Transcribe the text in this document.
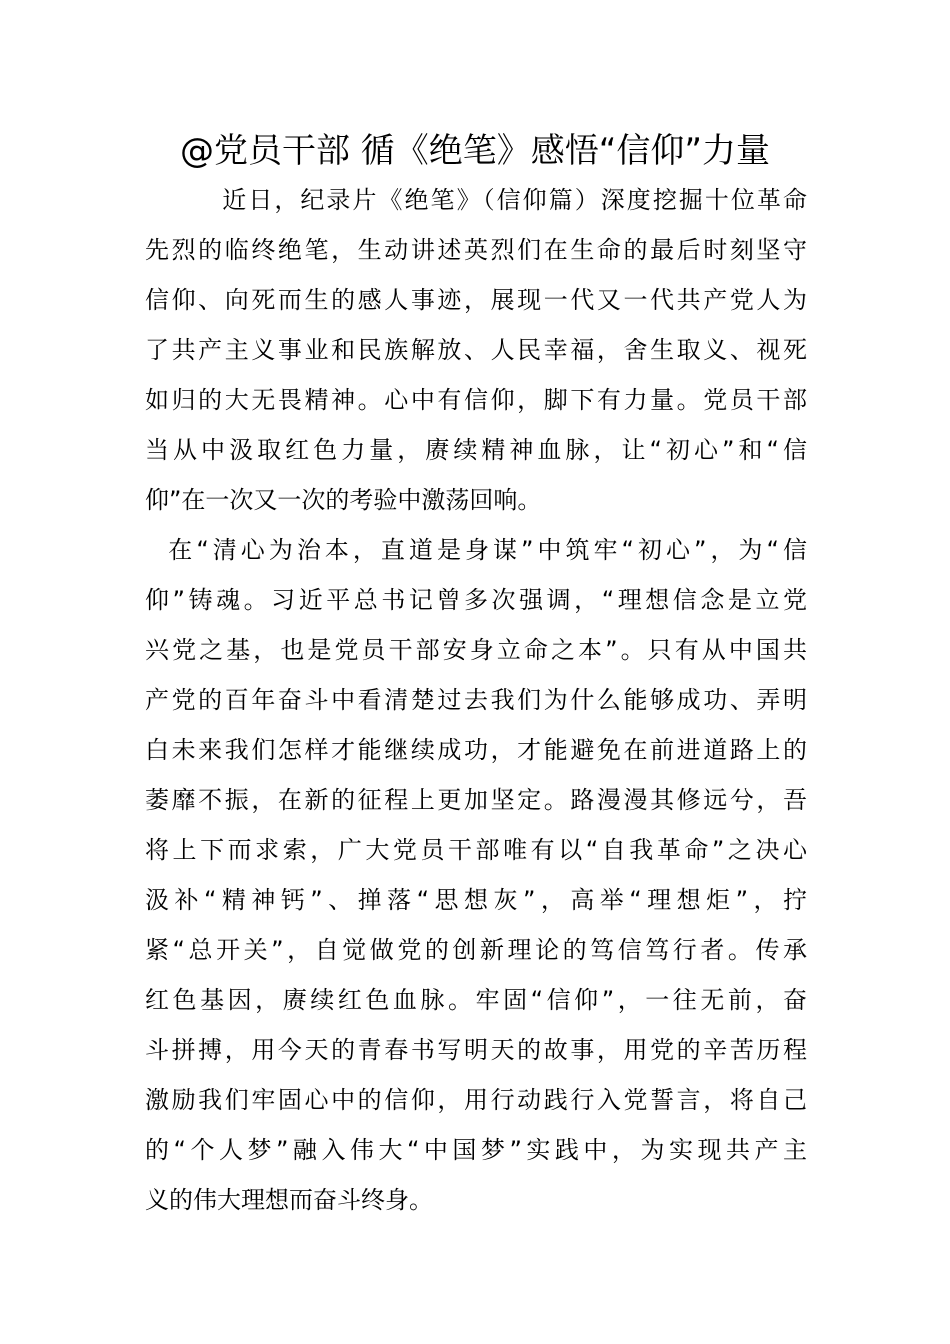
@党员干部 循《绝笔》感悟“信仰”力量
近日，纪录片《绝笔》（信仰篇）深度挖掘十位革命
先烈的临终绝笔，生动讲述英烈们在生命的最后时刻坚守
信仰、向死而生的感人事迹，展现一代又一代共产党人为
了共产主义事业和民族解放、人民幸福，舍生取义、视死
如归的大无畏精神。心中有信仰，脚下有力量。党员干部
当从中汲取红色力量，赓续精神血脉，让“初心”和“信
仰”在一次又一次的考验中激荡回响。
在“清心为治本，直道是身谋”中筑牢“初心”，为“信
仰”铸魂。习近平总书记曾多次强调，“理想信念是立党
兴党之基，也是党员干部安身立命之本”。只有从中国共
产党的百年奋斗中看清楚过去我们为什么能够成功、弄明
白未来我们怎样才能继续成功，才能避免在前进道路上的
萎靡不振，在新的征程上更加坚定。路漫漫其修远兮，吾
将上下而求索，广大党员干部唯有以“自我革命”之决心
汲补“精神钙”、掸落“思想灰”，高举“理想炬”，拧
紧“总开关”，自觉做党的创新理论的笃信笃行者。传承
红色基因，赓续红色血脉。牢固“信仰”，一往无前，奋
斗拼搏，用今天的青春书写明天的故事，用党的辛苦历程
激励我们牢固心中的信仰，用行动践行入党誓言，将自己
的“个人梦”融入伟大“中国梦”实践中，为实现共产主
义的伟大理想而奋斗终身。
